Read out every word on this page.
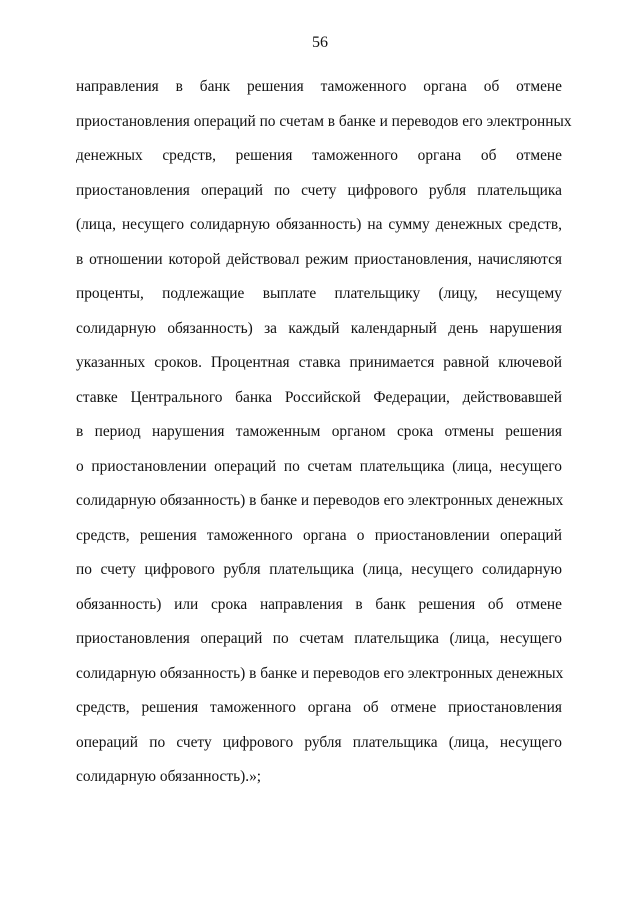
56
направления в банк решения таможенного органа об отмене
приостановления операций по счетам в банке и переводов его электронных
денежных средств, решения таможенного органа об отмене
приостановления операций по счету цифрового рубля плательщика
(лица, несущего солидарную обязанность) на сумму денежных средств,
в отношении которой действовал режим приостановления, начисляются
проценты, подлежащие выплате плательщику (лицу, несущему
солидарную обязанность) за каждый календарный день нарушения
указанных сроков. Процентная ставка принимается равной ключевой
ставке Центрального банка Российской Федерации, действовавшей
в период нарушения таможенным органом срока отмены решения
о приостановлении операций по счетам плательщика (лица, несущего
солидарную обязанность) в банке и переводов его электронных денежных
средств, решения таможенного органа о приостановлении операций
по счету цифрового рубля плательщика (лица, несущего солидарную
обязанность) или срока направления в банк решения об отмене
приостановления операций по счетам плательщика (лица, несущего
солидарную обязанность) в банке и переводов его электронных денежных
средств, решения таможенного органа об отмене приостановления
операций по счету цифрового рубля плательщика (лица, несущего
солидарную обязанность).»;
